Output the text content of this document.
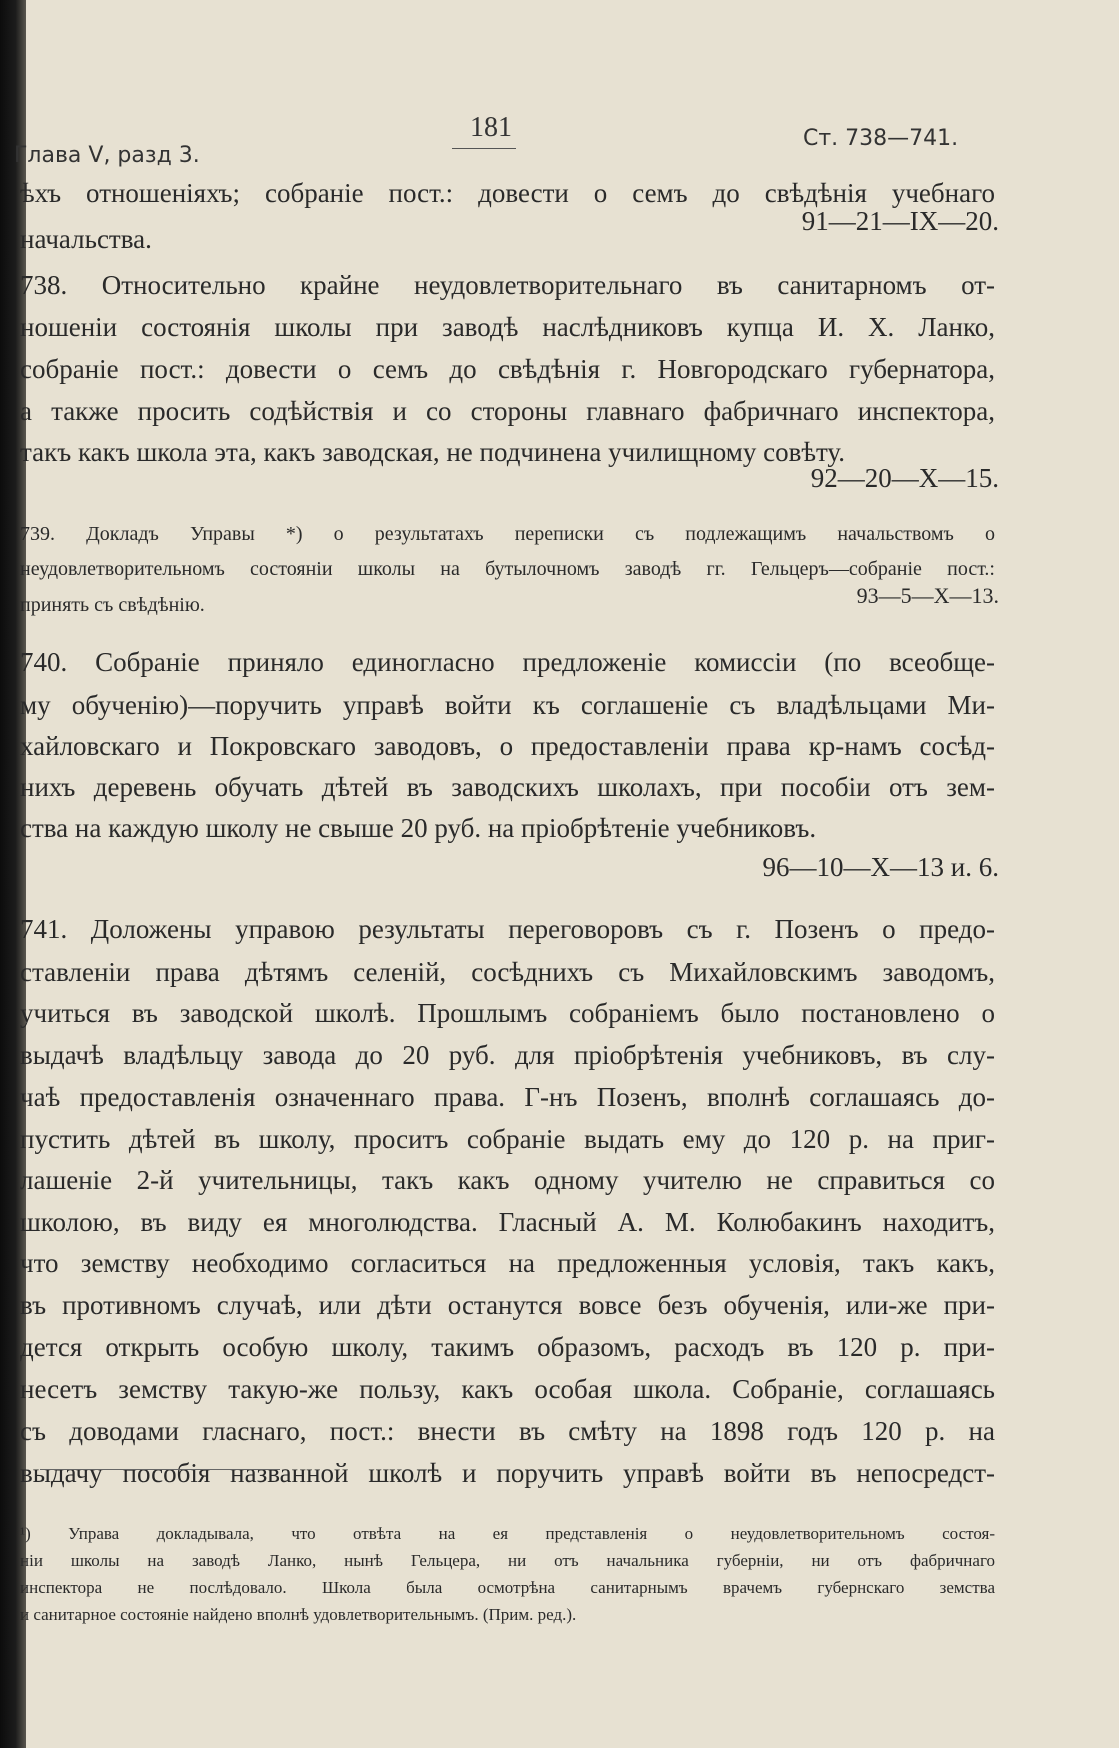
Глава V, разд 3.
181	Ст. 738—741.
ѣхъ отношеніяхъ; собраніе пост.: довести о семъ до свѣдѣнія учебнаго
начальства.
91—21—IX—20.
738. Относительно крайне неудовлетворительнаго въ санитарномъ от-
ношеніи состоянія школы при заводѣ наслѣдниковъ купца И. Х. Ланко,
собраніе пост.: довести о семъ до свѣдѣнія г. Новгородскаго губернатора,
а также просить содѣйствія и со стороны главнаго фабричнаго инспектора,
такъ какъ школа эта, какъ заводская, не подчинена училищному совѣту.
92—20—X—15.
739. Докладъ Управы *) о результатахъ переписки съ подлежащимъ начальствомъ о
неудовлетворительномъ состояніи школы на бутылочномъ заводѣ гг. Гельцеръ—собраніе пост.:
принять съ свѣдѣнію.	93—5—X—13.
740. Собраніе приняло единогласно предложеніе комиссіи (по всеобще-
му обученію)—поручить управѣ войти къ соглашеніе съ владѣльцами Ми-
хайловскаго и Покровскаго заводовъ, о предоставленіи права кр-намъ сосѣд-
нихъ деревень обучать дѣтей въ заводскихъ школахъ, при пособіи отъ зем-
ства на каждую школу не свыше 20 руб. на пріобрѣтеніе учебниковъ.
96—10—X—13 и. 6.
741. Доложены управою результаты переговоровъ съ г. Позенъ о предо-
ставленіи права дѣтямъ селеній, сосѣднихъ съ Михайловскимъ заводомъ,
учиться въ заводской школѣ. Прошлымъ собраніемъ было постановлено о
выдачѣ владѣльцу завода до 20 руб. для пріобрѣтенія учебниковъ, въ слу-
чаѣ предоставленія означеннаго права. Г-нъ Позенъ, вполнѣ соглашаясь до-
пустить дѣтей въ школу, проситъ собраніе выдать ему до 120 р. на приг-
лашеніе 2-й учительницы, такъ какъ одному учителю не справиться со
школою, въ виду ея многолюдства. Гласный А. М. Колюбакинъ находитъ,
что земству необходимо согласиться на предложенныя условія, такъ какъ,
въ противномъ случаѣ, или дѣти останутся вовсе безъ обученія, или-же при-
дется открыть особую школу, такимъ образомъ, расходъ въ 120 р. при-
несетъ земству такую-же пользу, какъ особая школа. Собраніе, соглашаясь
съ доводами гласнаго, пост.: внести въ смѣту на 1898 годъ 120 р. на
выдачу пособія названной школѣ и поручить управѣ войти въ непосредст-
¹) Управа докладывала, что отвѣта на ея представленія о неудовлетворительномъ состоя-
ніи школы на заводѣ Ланко, нынѣ Гельцера, ни отъ начальника губерніи, ни отъ фабричнаго
инспектора не послѣдовало. Школа была осмотрѣна санитарнымъ врачемъ губернскаго земства
и санитарное состояніе найдено вполнѣ удовлетворительнымъ. (Прим. ред.).
